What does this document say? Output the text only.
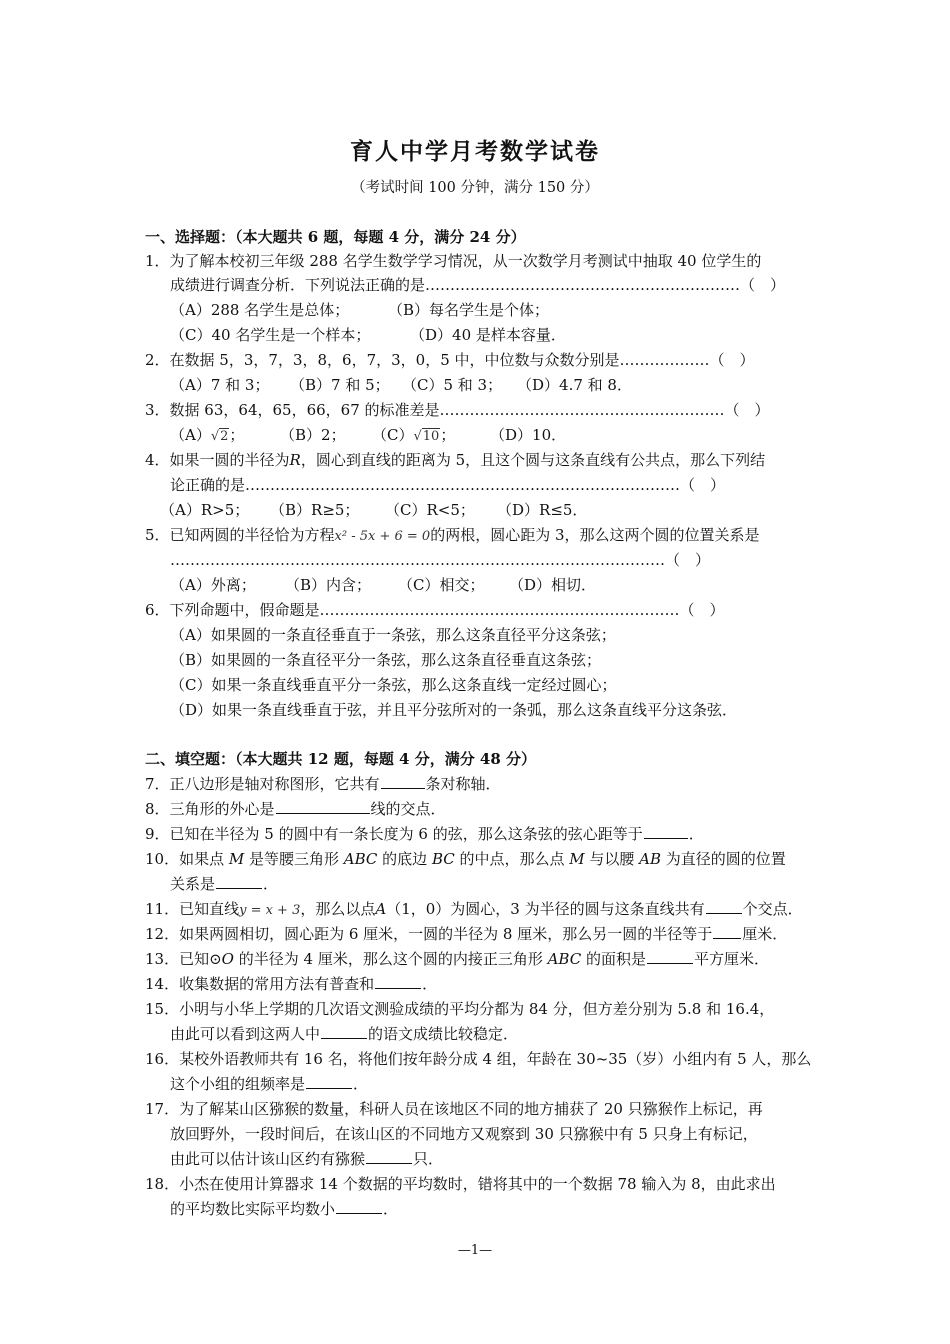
育人中学月考数学试卷
（考试时间 100 分钟，满分 150 分）
一、选择题：（本大题共 6 题，每题 4 分，满分 24 分）
1．为了解本校初三年级 288 名学生数学学习情况，从一次数学月考测试中抽取 40 位学生的
成绩进行调查分析．下列说法正确的是………………………………………………………（　）
（A）288 名学生是总体；	（B）每名学生是个体；
（C）40 名学生是一个样本；	（D）40 是样本容量．
2．在数据 5，3，7，3，8，6，7，3，0，5 中，中位数与众数分别是………………（　）
（A）7 和 3； （B）7 和 5； （C）5 和 3； （D）4.7 和 8．
3．数据 63，64，65，66，67 的标准差是…………………………………………………（　）
（A）√2； （B）2； （C）√10； （D）10．
4．如果一圆的半径为R，圆心到直线的距离为 5，且这个圆与这条直线有公共点，那么下列结
论正确的是……………………………………………………………………………（　）
（A）R>5； （B）R≥5； （C）R<5； （D）R≤5．
5．已知两圆的半径恰为方程x² - 5x + 6 = 0的两根，圆心距为 3，那么这两个圆的位置关系是
………………………………………………………………………………………（　）
（A）外离； （B）内含； （C）相交； （D）相切．
6．下列命题中，假命题是………………………………………………………………（　）
（A）如果圆的一条直径垂直于一条弦，那么这条直径平分这条弦；
（B）如果圆的一条直径平分一条弦，那么这条直径垂直这条弦；
（C）如果一条直线垂直平分一条弦，那么这条直线一定经过圆心；
（D）如果一条直线垂直于弦，并且平分弦所对的一条弧，那么这条直线平分这条弦．
二、填空题：（本大题共 12 题，每题 4 分，满分 48 分）
7．正八边形是轴对称图形，它共有	条对称轴．
8．三角形的外心是	线的交点．
9．已知在半径为 5 的圆中有一条长度为 6 的弦，那么这条弦的弦心距等于	．
10．如果点 M 是等腰三角形 ABC 的底边 BC 的中点，那么点 M 与以腰 AB 为直径的圆的位置
关系是	．
11．已知直线y = x + 3，那么以点A（1，0）为圆心，3 为半径的圆与这条直线共有	个交点．
12．如果两圆相切，圆心距为 6 厘米，一圆的半径为 8 厘米，那么另一圆的半径等于 厘米．
13．已知⊙O 的半径为 4 厘米，那么这个圆的内接正三角形 ABC 的面积是	平方厘米．
14．收集数据的常用方法有普查和	．
15．小明与小华上学期的几次语文测验成绩的平均分都为 84 分，但方差分别为 5.8 和 16.4，
由此可以看到这两人中	的语文成绩比较稳定．
16．某校外语教师共有 16 名，将他们按年龄分成 4 组，年龄在 30~35（岁）小组内有 5 人，那么
这个小组的组频率是	．
17．为了解某山区猕猴的数量，科研人员在该地区不同的地方捕获了 20 只猕猴作上标记，再
放回野外，一段时间后，在该山区的不同地方又观察到 30 只猕猴中有 5 只身上有标记，
由此可以估计该山区约有猕猴	只．
18．小杰在使用计算器求 14 个数据的平均数时，错将其中的一个数据 78 输入为 8，由此求出
的平均数比实际平均数小	．
—1—
